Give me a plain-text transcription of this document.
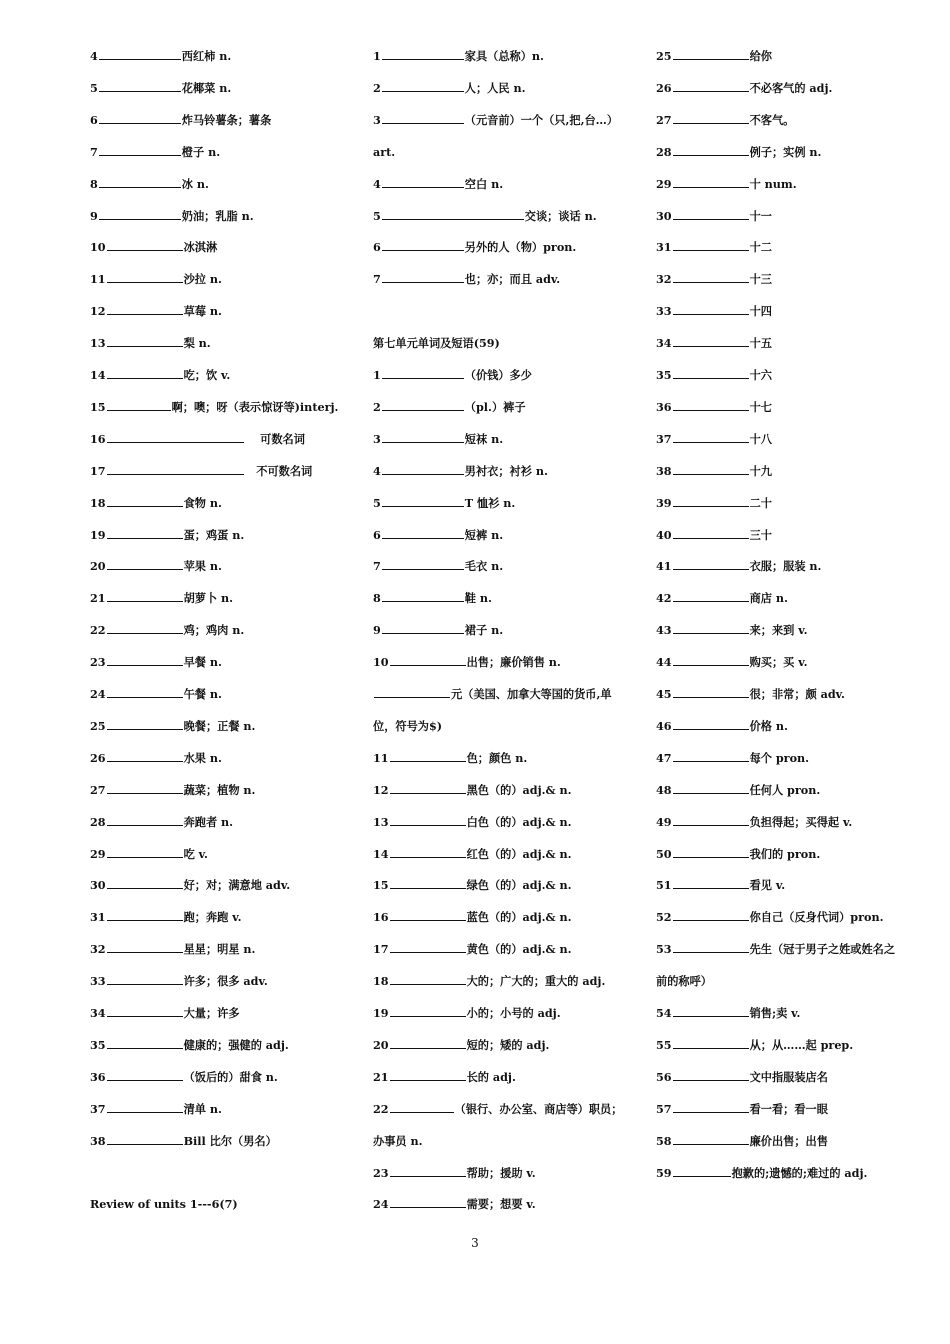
4	西红柿 n.
5	花椰菜 n.
6	炸马铃薯条；薯条
7	橙子 n.
8	冰 n.
9	奶油；乳脂 n.
10	冰淇淋
11	沙拉 n.
12	草莓 n.
13	梨 n.
14	吃；饮 v.
15	啊；噢；呀（表示惊讶等)interj.
16	可数名词
17	不可数名词
18	食物 n.
19	蛋；鸡蛋 n.
20	苹果 n.
21	胡萝卜 n.
22	鸡；鸡肉 n.
23	早餐 n.
24	午餐 n.
25	晚餐；正餐 n.
26	水果 n.
27	蔬菜；植物 n.
28	奔跑者 n.
29	吃 v.
30	好；对；满意地 adv.
31	跑；奔跑 v.
32	星星；明星 n.
33	许多；很多 adv.
34	大量；许多
35	健康的；强健的 adj.
36	（饭后的）甜食 n.
37	清单 n.
38	Bill 比尔（男名）
Review of units 1---6(7)
1	家具（总称）n.
2	人；人民 n.
3	（元音前）一个（只,把,台…）
art.
4	空白 n.
5	交谈；谈话 n.
6	另外的人（物）pron.
7	也；亦；而且 adv.
第七单元单词及短语(59)
1	（价钱）多少
2	（pl.）裤子
3	短袜 n.
4	男衬衣；衬衫 n.
5	T 恤衫 n.
6	短裤 n.
7	毛衣 n.
8	鞋 n.
9	裙子 n.
10	出售；廉价销售 n.
元（美国、加拿大等国的货币,单
位，符号为$)
11	色；颜色 n.
12	黑色（的）adj.& n.
13	白色（的）adj.& n.
14	红色（的）adj.& n.
15	绿色（的）adj.& n.
16	蓝色（的）adj.& n.
17	黄色（的）adj.& n.
18	大的；广大的；重大的 adj.
19	小的；小号的 adj.
20	短的；矮的 adj.
21	长的 adj.
22	（银行、办公室、商店等）职员；
办事员 n.
23	帮助；援助 v.
24	需要；想要 v.
25	给你
26	不必客气的 adj.
27	不客气。
28	例子；实例 n.
29	十 num.
30	十一
31	十二
32	十三
33	十四
34	十五
35	十六
36	十七
37	十八
38	十九
39	二十
40	三十
41	衣服；服装 n.
42	商店 n.
43	来；来到 v.
44	购买；买 v.
45	很；非常；颇 adv.
46	价格 n.
47	每个 pron.
48	任何人 pron.
49	负担得起；买得起 v.
50	我们的 pron.
51	看见 v.
52	你自己（反身代词）pron.
53	先生（冠于男子之姓或姓名之
前的称呼）
54	销售;卖 v.
55	从；从……起 prep.
56	文中指服装店名
57	看一看；看一眼
58	廉价出售；出售
59	抱歉的;遗憾的;难过的 adj.
3
